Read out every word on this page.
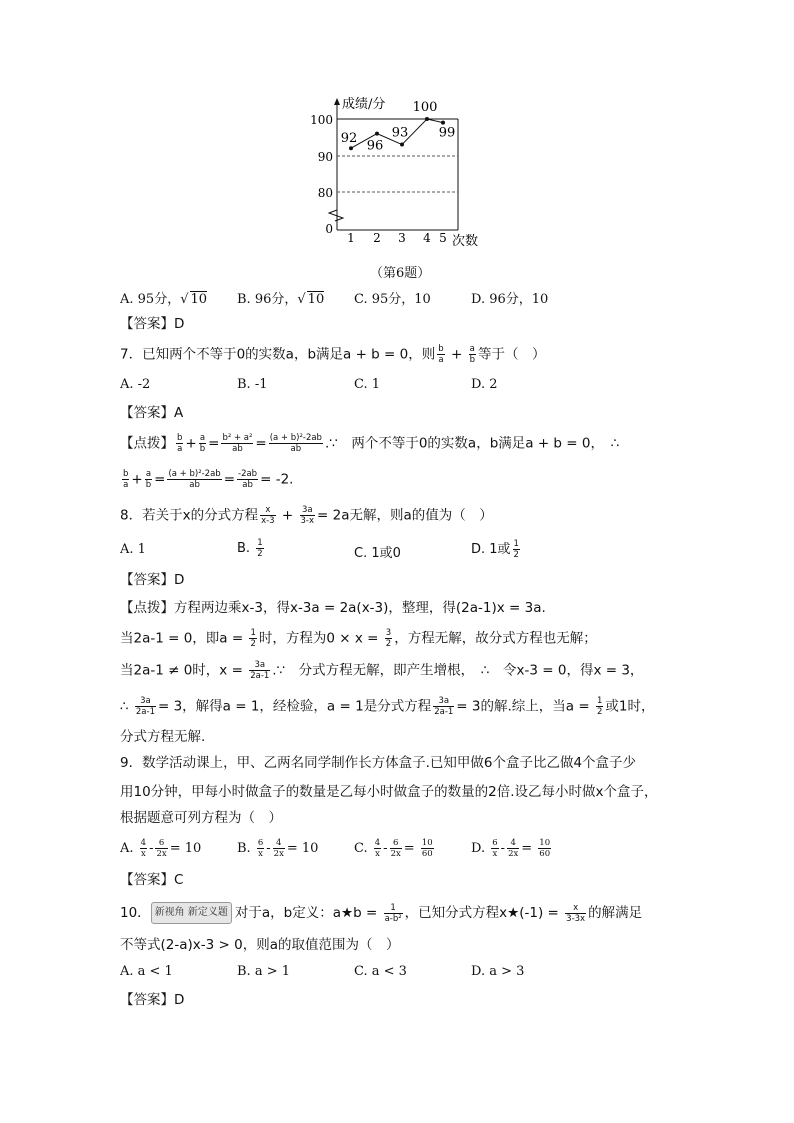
成绩/分
次数
100
90
80
0
1 2 3 4 5
92 96
93
100
99
（第6题）
A. 95分，√ 10 B. 96分，√ 10 C. 95分，10	D. 96分，10
【答案】D
7．已知两个不等于0的实数a，b满足a + b = 0，则 $\frac{b}{a} + \frac{a}{b}$ 等于（　）
A. -2	B. -1	C. 1	D. 2
【答案】A
【点拨】 $\frac{b}{a} + \frac{a}{b} = \frac{\text{b² + a²}}{ab} = \frac{\text{(a + b)²-2ab}}{ab}$ .∵　两个不等于0的实数a，b满足a + b = 0，　∴
$\frac{b}{a} + \frac{a}{b} = \frac{\text{(a + b)²-2ab}}{ab} = \frac{-2ab}{ab} = -2$.
8．若关于x的分式方程 $\frac{x}{x-3} + \frac{3a}{3-x} = 2a$无解，则a的值为（　）
A. 1	B. $\frac{1}{2}$	C. 1或0	D. 1或 $\frac{1}{2}$
【答案】D
【点拨】方程两边乘x-3，得x-3a = 2a(x-3)，整理，得(2a-1)x = 3a.
当2a-1 = 0，即$a = \frac{1}{2}$ 时，方程为$0 \times x = \frac{3}{2}$ ，方程无解，故分式方程也无解；
当2a-1 ≠ 0时，$x = \frac{3a}{2a-1}$ .∵　分式方程无解，即产生增根，　∴　令x-3 = 0，得x = 3，
∴ $\frac{3a}{2a-1} = 3$，解得a = 1，经检验，a = 1是分式方程 $\frac{3a}{2a-1} = 3$的解.综上，当$a = \frac{1}{2}$ 或1时，
分式方程无解.
9．数学活动课上，甲、乙两名同学制作长方体盒子.已知甲做6个盒子比乙做4个盒子少
用10分钟，甲每小时做盒子的数量是乙每小时做盒子的数量的2倍.设乙每小时做x个盒子，
根据题意可列方程为（　）
A. $\frac{4}{x} - \frac{6}{2x} = 10$	B. $\frac{6}{x} - \frac{4}{2x} = 10$	C. $\frac{4}{x} - \frac{6}{2x} = \frac{10}{60}$	D. $\frac{6}{x} - \frac{4}{2x} = \frac{10}{60}$
【答案】C
10． 新视角 新定义题 对于a，b定义：a★b = $\frac{1}{\text{a-b²}}$ ，已知分式方程x★(-1) = $\frac{x}{3-3x}$ 的解满足
不等式(2-a)x-3 > 0，则a的取值范围为（　）
A. a < 1	B. a > 1	C. a < 3	D. a > 3
【答案】D
